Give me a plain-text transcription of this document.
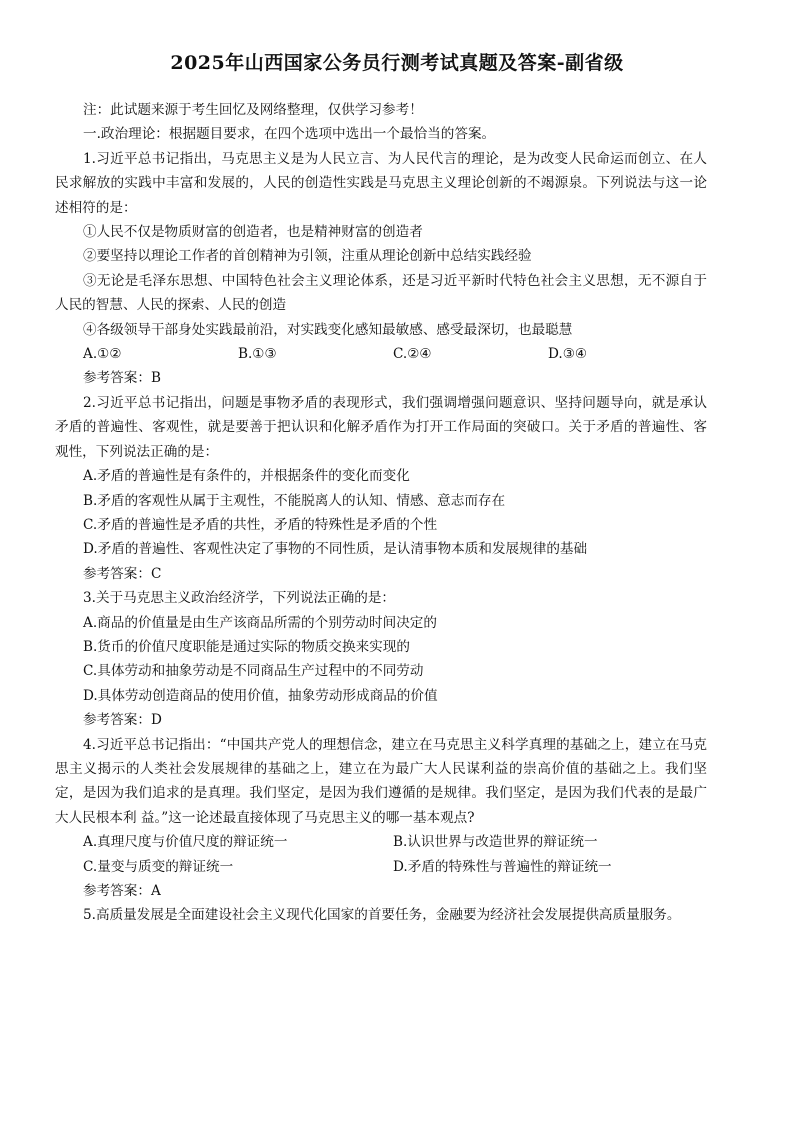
2025年山西国家公务员行测考试真题及答案-副省级

注：此试题来源于考生回忆及网络整理，仅供学习参考！

一.政治理论：根据题目要求，在四个选项中选出一个最恰当的答案。

1.习近平总书记指出，马克思主义是为人民立言、为人民代言的理论，是为改变人民命运而创立、在人民求解放的实践中丰富和发展的，人民的创造性实践是马克思主义理论创新的不竭源泉。下列说法与这一论述相符的是：

①人民不仅是物质财富的创造者，也是精神财富的创造者

②要坚持以理论工作者的首创精神为引领，注重从理论创新中总结实践经验

③无论是毛泽东思想、中国特色社会主义理论体系，还是习近平新时代特色社会主义思想，无不源自于人民的智慧、人民的探索、人民的创造

④各级领导干部身处实践最前沿，对实践变化感知最敏感、感受最深切，也最聪慧

A.①②	B.①③	C.②④	D.③④

参考答案：B

2.习近平总书记指出，问题是事物矛盾的表现形式，我们强调增强问题意识、坚持问题导向，就是承认矛盾的普遍性、客观性，就是要善于把认识和化解矛盾作为打开工作局面的突破口。关于矛盾的普遍性、客观性，下列说法正确的是：

A.矛盾的普遍性是有条件的，并根据条件的变化而变化

B.矛盾的客观性从属于主观性，不能脱离人的认知、情感、意志而存在

C.矛盾的普遍性是矛盾的共性，矛盾的特殊性是矛盾的个性

D.矛盾的普遍性、客观性决定了事物的不同性质，是认清事物本质和发展规律的基础

参考答案：C

3.关于马克思主义政治经济学，下列说法正确的是：

A.商品的价值量是由生产该商品所需的个别劳动时间决定的

B.货币的价值尺度职能是通过实际的物质交换来实现的

C.具体劳动和抽象劳动是不同商品生产过程中的不同劳动

D.具体劳动创造商品的使用价值，抽象劳动形成商品的价值

参考答案：D

4.习近平总书记指出：“中国共产党人的理想信念，建立在马克思主义科学真理的基础之上，建立在马克思主义揭示的人类社会发展规律的基础之上，建立在为最广大人民谋利益的崇高价值的基础之上。我们坚定，是因为我们追求的是真理。我们坚定，是因为我们遵循的是规律。我们坚定，是因为我们代表的是最广大人民根本利 益。”这一论述最直接体现了马克思主义的哪一基本观点?

A.真理尺度与价值尺度的辩证统一	B.认识世界与改造世界的辩证统一
C.量变与质变的辩证统一	D.矛盾的特殊性与普遍性的辩证统一

参考答案：A

5.高质量发展是全面建设社会主义现代化国家的首要任务，金融要为经济社会发展提供高质量服务。
